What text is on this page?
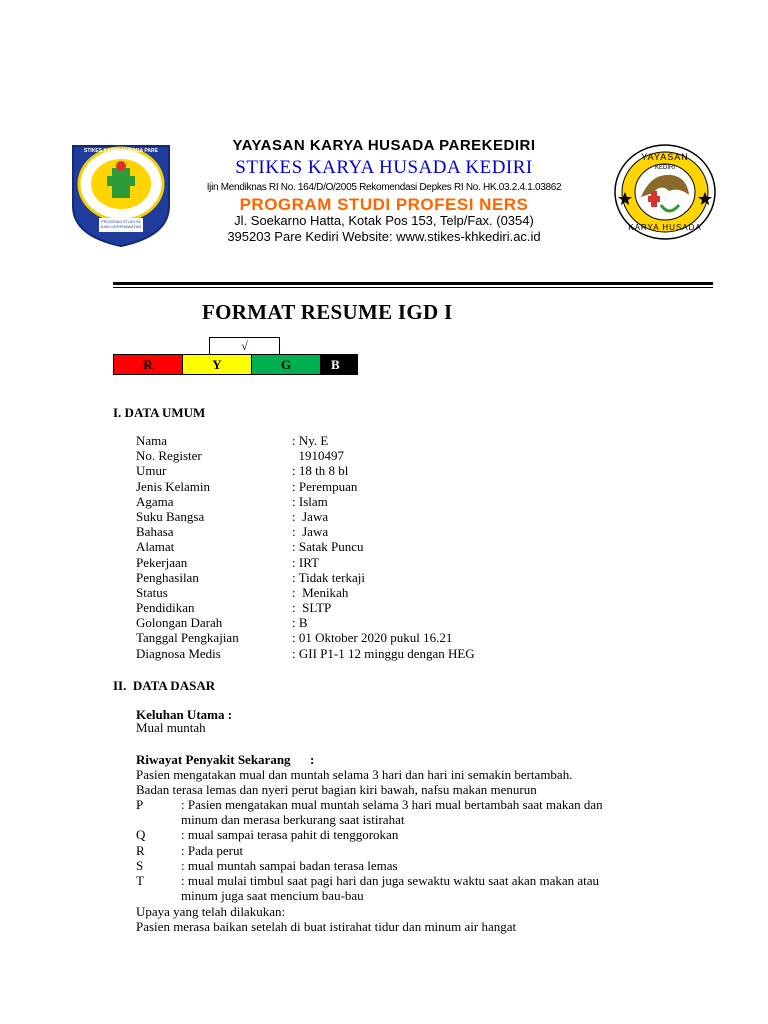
STIKES KARYA HUSADA PARE KEDIRI
PROGRAM STUDI S1 ILMU KEPERAWATAN
YAYASAN
KEDIRI
KARYA HUSADA
YAYASAN KARYA HUSADA PAREKEDIRI
STIKES KARYA HUSADA KEDIRI
Ijin Mendiknas RI No. 164/D/O/2005 Rekomendasi Depkes RI No. HK.03.2.4.1.03862
PROGRAM STUDI PROFESI NERS
Jl. Soekarno Hatta, Kotak Pos 153, Telp/Fax. (0354)
395203 Pare Kediri Website: www.stikes-khkediri.ac.id
FORMAT RESUME IGD I
√
R	Y	G	B
I. DATA UMUM
Nama	: Ny. E
No. Register	1910497
Umur	: 18 th 8 bl
Jenis Kelamin	: Perempuan
Agama	: Islam
Suku Bangsa	:  Jawa
Bahasa	:  Jawa
Alamat	: Satak Puncu
Pekerjaan	: IRT
Penghasilan	: Tidak terkaji
Status	:  Menikah
Pendidikan	:  SLTP
Golongan Darah	: B
Tanggal Pengkajian	: 01 Oktober 2020 pukul 16.21
Diagnosa Medis	: GII P1-1 12 minggu dengan HEG
II.  DATA DASAR
Keluhan Utama :
Mual muntah
Riwayat Penyakit Sekarang      :
Pasien mengatakan mual dan muntah selama 3 hari dan hari ini semakin bertambah.
Badan terasa lemas dan nyeri perut bagian kiri bawah, nafsu makan menurun
P	: Pasien mengatakan mual muntah selama 3 hari mual bertambah saat makan dan
minum dan merasa berkurang saat istirahat
Q	: mual sampai terasa pahit di tenggorokan
R	: Pada perut
S	: mual muntah sampai badan terasa lemas
T	: mual mulai timbul saat pagi hari dan juga sewaktu waktu saat akan makan atau
minum juga saat mencium bau-bau
Upaya yang telah dilakukan:
Pasien merasa baikan setelah di buat istirahat tidur dan minum air hangat
